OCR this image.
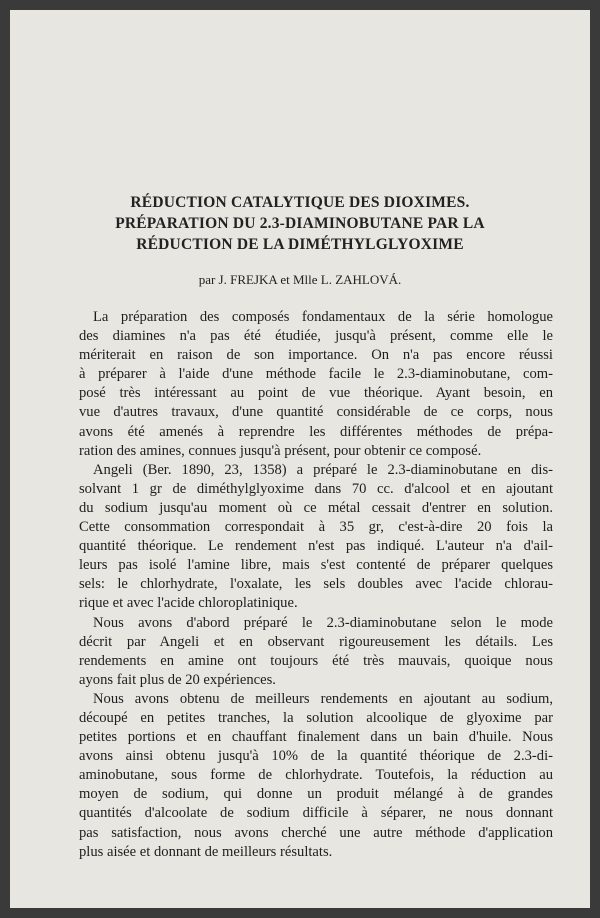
RÉDUCTION CATALYTIQUE DES DIOXIMES.
PRÉPARATION DU 2.3-DIAMINOBUTANE PAR LA
RÉDUCTION DE LA DIMÉTHYLGLYOXIME
par J. FREJKA et Mlle L. ZAHLOVÁ.
La préparation des composés fondamentaux de la série homologue
des diamines n'a pas été étudiée, jusqu'à présent, comme elle le
mériterait en raison de son importance. On n'a pas encore réussi
à préparer à l'aide d'une méthode facile le 2.3-diaminobutane, com-
posé très intéressant au point de vue théorique. Ayant besoin, en
vue d'autres travaux, d'une quantité considérable de ce corps, nous
avons été amenés à reprendre les différentes méthodes de prépa-
ration des amines, connues jusqu'à présent, pour obtenir ce composé.
Angeli (Ber. 1890, 23, 1358) a préparé le 2.3-diaminobutane en dis-
solvant 1 gr de diméthylglyoxime dans 70 cc. d'alcool et en ajoutant
du sodium jusqu'au moment où ce métal cessait d'entrer en solution.
Cette consommation correspondait à 35 gr, c'est-à-dire 20 fois la
quantité théorique. Le rendement n'est pas indiqué. L'auteur n'a d'ail-
leurs pas isolé l'amine libre, mais s'est contenté de préparer quelques
sels: le chlorhydrate, l'oxalate, les sels doubles avec l'acide chlorau-
rique et avec l'acide chloroplatinique.
Nous avons d'abord préparé le 2.3-diaminobutane selon le mode
décrit par Angeli et en observant rigoureusement les détails. Les
rendements en amine ont toujours été très mauvais, quoique nous
ayons fait plus de 20 expériences.
Nous avons obtenu de meilleurs rendements en ajoutant au sodium,
découpé en petites tranches, la solution alcoolique de glyoxime par
petites portions et en chauffant finalement dans un bain d'huile. Nous
avons ainsi obtenu jusqu'à 10% de la quantité théorique de 2.3-di-
aminobutane, sous forme de chlorhydrate. Toutefois, la réduction au
moyen de sodium, qui donne un produit mélangé à de grandes
quantités d'alcoolate de sodium difficile à séparer, ne nous donnant
pas satisfaction, nous avons cherché une autre méthode d'application
plus aisée et donnant de meilleurs résultats.
